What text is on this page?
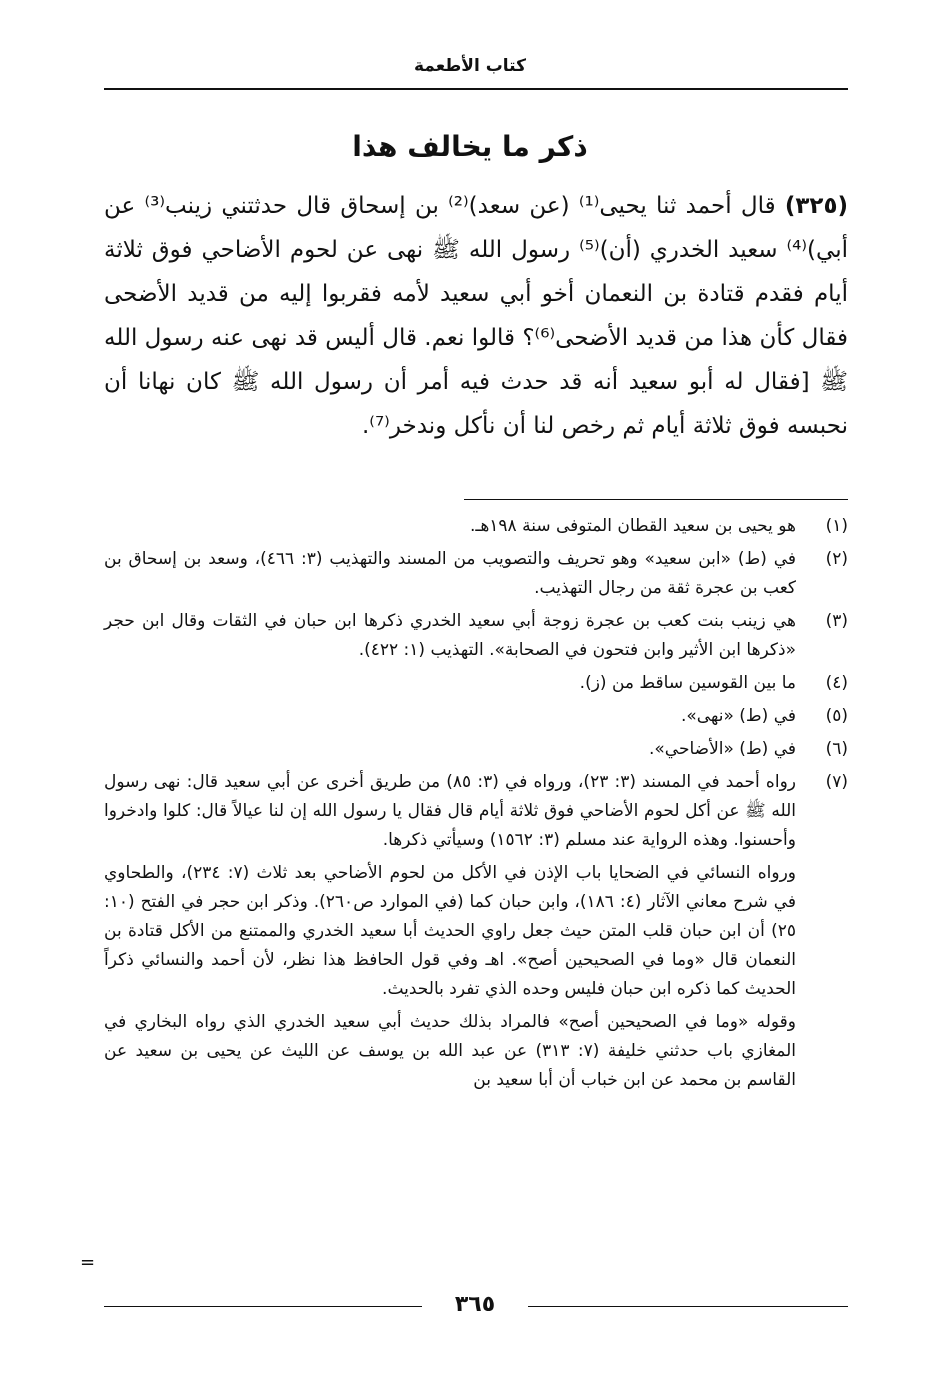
كتاب الأطعمة
ذكر ما يخالف هذا
(٣٢٥) قال أحمد ثنا يحيى⁽¹⁾ (عن سعد)⁽²⁾ بن إسحاق قال حدثتني زينب⁽³⁾ عن أبي)⁽⁴⁾ سعيد الخدري (أن)⁽⁵⁾ رسول الله ﷺ نهى عن لحوم الأضاحي فوق ثلاثة أيام فقدم قتادة بن النعمان أخو أبي سعيد لأمه فقربوا إليه من قديد الأضحى فقال كأن هذا من قديد الأضحى⁽⁶⁾؟ قالوا نعم. قال أليس قد نهى عنه رسول الله ﷺ [فقال له أبو سعيد أنه قد حدث فيه أمر أن رسول الله ﷺ كان نهانا أن نحبسه فوق ثلاثة أيام ثم رخص لنا أن نأكل وندخر⁽⁷⁾.
(١)
هو يحيى بن سعيد القطان المتوفى سنة ١٩٨هـ.
(٢)
في (ط) «ابن سعيد» وهو تحريف والتصويب من المسند والتهذيب (٣: ٤٦٦)، وسعد بن إسحاق بن كعب بن عجرة ثقة من رجال التهذيب.
(٣)
هي زينب بنت كعب بن عجرة زوجة أبي سعيد الخدري ذكرها ابن حبان في الثقات وقال ابن حجر «ذكرها ابن الأثير وابن فتحون في الصحابة». التهذيب (١: ٤٢٢).
(٤)
ما بين القوسين ساقط من (ز).
(٥)
في (ط) «نهى».
(٦)
في (ط) «الأضاحي».
(٧)
رواه أحمد في المسند (٣: ٢٣)، ورواه في (٣: ٨٥) من طريق أخرى عن أبي سعيد قال: نهى رسول الله ﷺ عن أكل لحوم الأضاحي فوق ثلاثة أيام قال فقال يا رسول الله إن لنا عيالاً قال: كلوا وادخروا وأحسنوا. وهذه الرواية عند مسلم (٣: ١٥٦٢) وسيأتي ذكرها.
ورواه النسائي في الضحايا باب الإذن في الأكل من لحوم الأضاحي بعد ثلاث (٧: ٢٣٤)، والطحاوي في شرح معاني الآثار (٤: ١٨٦)، وابن حبان كما (في الموارد ص٢٦٠). وذكر ابن حجر في الفتح (١٠: ٢٥) أن ابن حبان قلب المتن حيث جعل راوي الحديث أبا سعيد الخدري والممتنع من الأكل قتادة بن النعمان قال «وما في الصحيحين أصح». اهـ وفي قول الحافظ هذا نظر، لأن أحمد والنسائي ذكراً الحديث كما ذكره ابن حبان فليس وحده الذي تفرد بالحديث.
وقوله «وما في الصحيحين أصح» فالمراد بذلك حديث أبي سعيد الخدري الذي رواه البخاري في المغازي باب حدثني خليفة (٧: ٣١٣) عن عبد الله بن يوسف عن الليث عن يحيى بن سعيد عن القاسم بن محمد عن ابن خباب أن أبا سعيد بن
=
٣٦٥
